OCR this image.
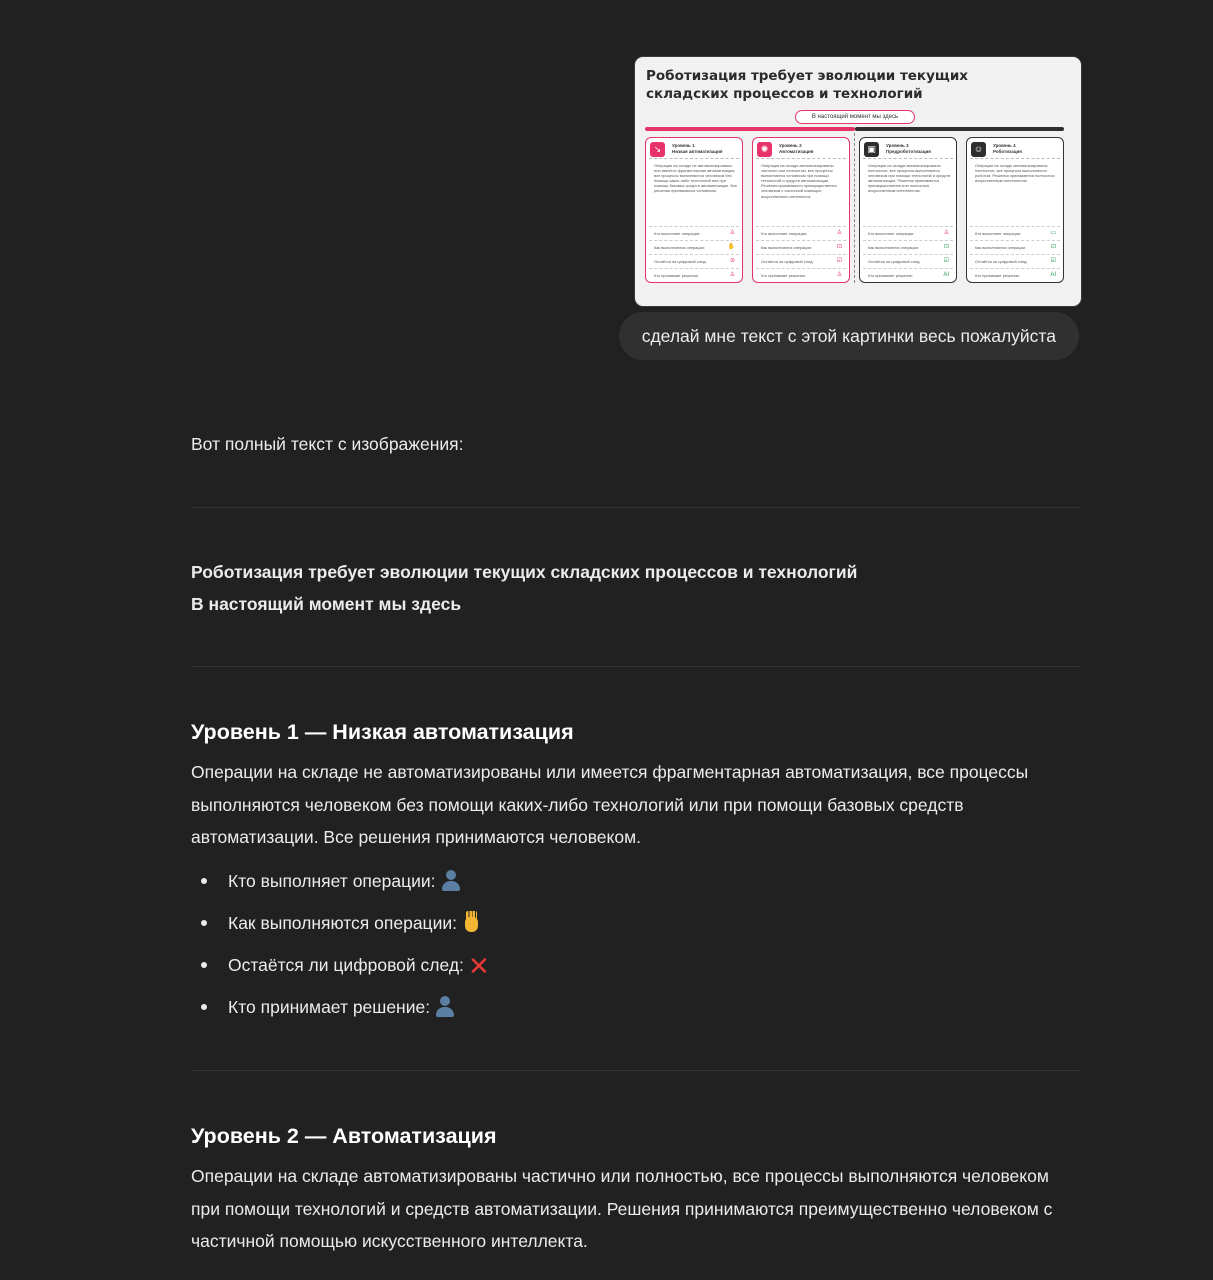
Роботизация требует эволюции текущих складских процессов и технологий
В настоящий момент мы здесь
↘	Уровень 1
Низкая автоматизация
Операции на складе не автоматизированы или имеется фрагментарная автоматизация, все процессы выполняются человеком без помощи каких-либо технологий или при помощи базовых средств автоматизации. Все решения принимаются человеком.
Кто выполняет операции:	♙
Как выполняются операции:	✋
Остаётся ли цифровой след:	⊘
Кто принимает решение:	♙
✺	Уровень 2
Автоматизация
Операции на складе автоматизированы частично или полностью, все процессы выполняются человеком при помощи технологий и средств автоматизации. Решения принимаются преимущественно человеком с частичной помощью искусственного интеллекта.
Кто выполняет операции:	♙
Как выполняются операции:	⊡
Остаётся ли цифровой след:	☑
Кто принимает решение:	♙
▣	Уровень 3
Предробототизация
Операции на складе автоматизированы полностью, все процессы выполняются человеком при помощи технологий и средств автоматизации. Решения принимаются преимущественно или полностью искусственным интеллектом.
Кто выполняет операции:	♙
Как выполняются операции:	⊡
Остаётся ли цифровой след:	☑
Кто принимает решение:	AI
☺	Уровень 4
Роботизация
Операции на складе автоматизированы полностью, все процессы выполняются роботом. Решения принимаются полностью искусственным интеллектом.
Кто выполняет операции:	▭
Как выполняются операции:	⊡
Остаётся ли цифровой след:	☑
Кто принимает решение:	AI
сделай мне текст с этой картинки весь пожалуйста

Вот полный текст с изображения:

Роботизация требует эволюции текущих складских процессов и технологий
В настоящий момент мы здесь
Уровень 1 — Низкая автоматизация

Операции на складе не автоматизированы или имеется фрагментарная автоматизация, все процессы выполняются человеком без помощи каких-либо технологий или при помощи базовых средств автоматизации. Все решения принимаются человеком.

Кто выполняет операции:
Как выполняются операции:
Остаётся ли цифровой след: ✕
Кто принимает решение:
Уровень 2 — Автоматизация

Операции на складе автоматизированы частично или полностью, все процессы выполняются человеком при помощи технологий и средств автоматизации. Решения принимаются преимущественно человеком с частичной помощью искусственного интеллекта.
